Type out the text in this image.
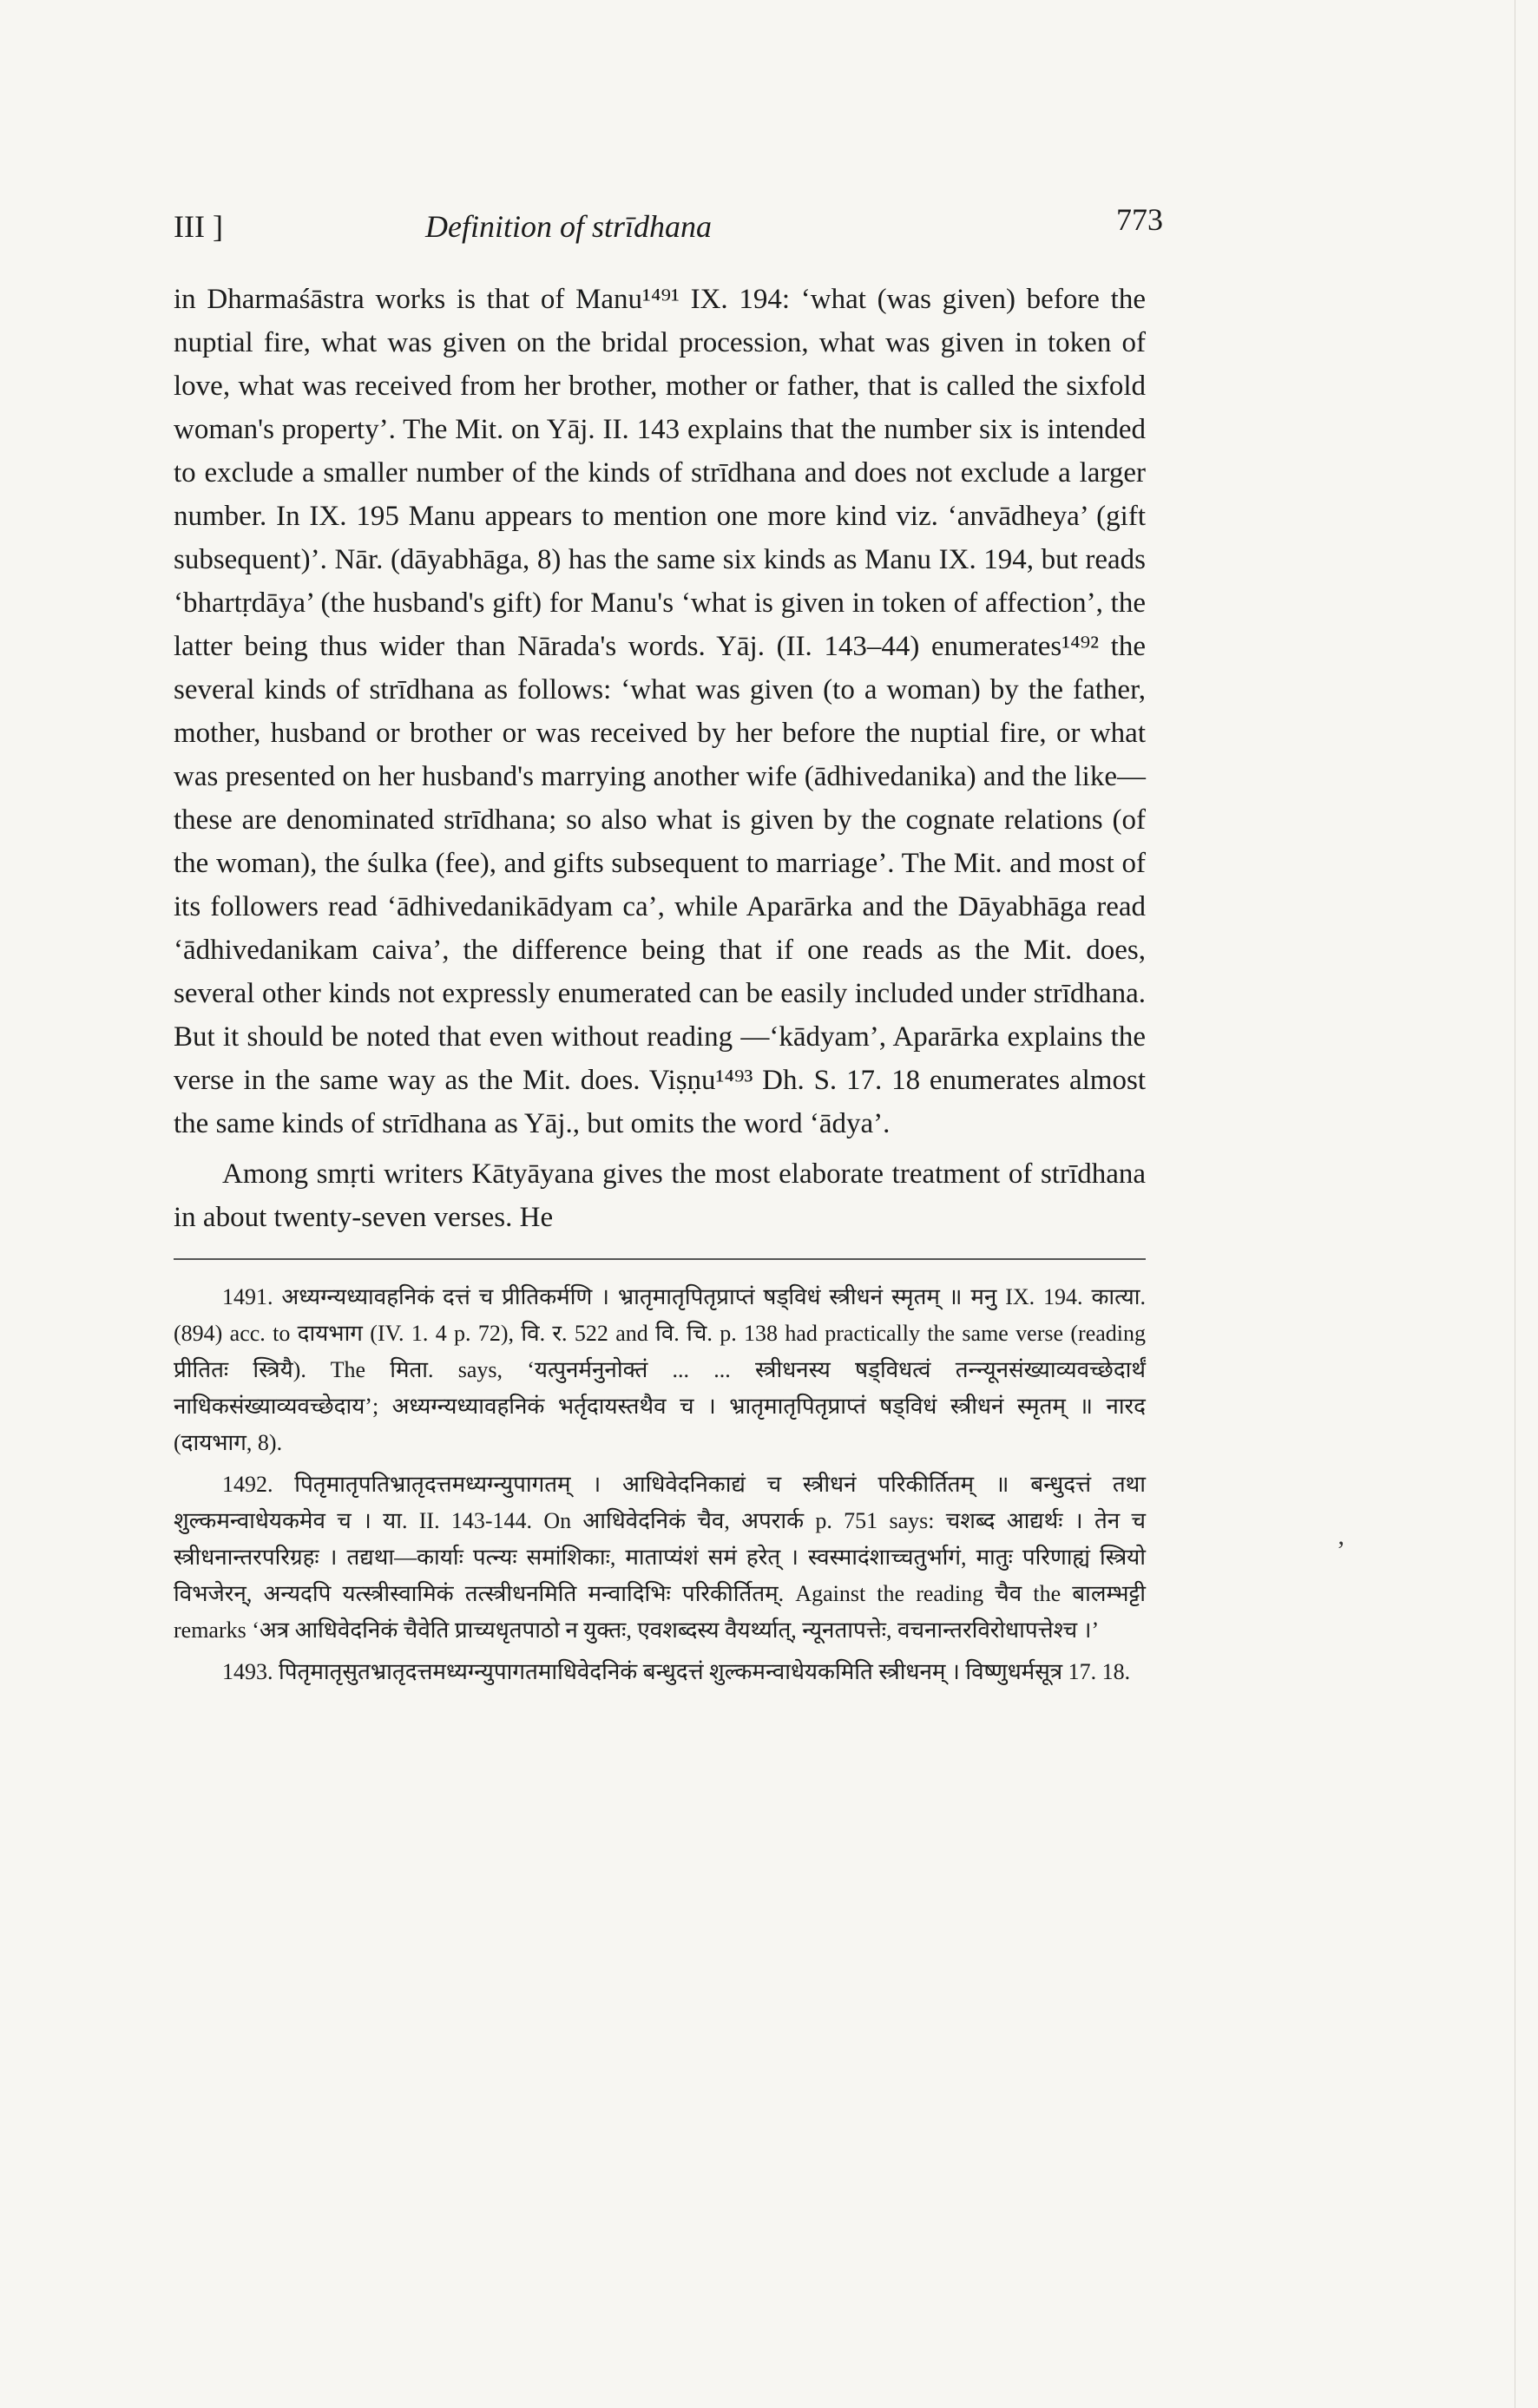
III ]	Definition of strīdhana	773

in Dharmaśāstra works is that of Manu¹⁴⁹¹ IX. 194: ‘what (was given) before the nuptial fire, what was given on the bridal procession, what was given in token of love, what was received from her brother, mother or father, that is called the sixfold woman's property’. The Mit. on Yāj. II. 143 explains that the number six is intended to exclude a smaller number of the kinds of strīdhana and does not exclude a larger number. In IX. 195 Manu appears to mention one more kind viz. ‘anvādheya’ (gift subsequent)’. Nār. (dāyabhāga, 8) has the same six kinds as Manu IX. 194, but reads ‘bhartṛdāya’ (the husband's gift) for Manu's ‘what is given in token of affection’, the latter being thus wider than Nārada's words. Yāj. (II. 143–44) enumerates¹⁴⁹² the several kinds of strīdhana as follows: ‘what was given (to a woman) by the father, mother, husband or brother or was received by her before the nuptial fire, or what was presented on her husband's marrying another wife (ādhivedanika) and the like—these are denominated strīdhana; so also what is given by the cognate relations (of the woman), the śulka (fee), and gifts subsequent to marriage’. The Mit. and most of its followers read ‘ādhivedanikādyam ca’, while Aparārka and the Dāyabhāga read ‘ādhivedanikam caiva’, the difference being that if one reads as the Mit. does, several other kinds not expressly enumerated can be easily included under strīdhana. But it should be noted that even without reading —‘kādyam’, Aparārka explains the verse in the same way as the Mit. does. Viṣṇu¹⁴⁹³ Dh. S. 17. 18 enumerates almost the same kinds of strīdhana as Yāj., but omits the word ‘ādya’.

Among smṛti writers Kātyāyana gives the most elaborate treatment of strīdhana in about twenty-seven verses. He

1491. अध्यग्न्यध्यावहनिकं दत्तं च प्रीतिकर्मणि । भ्रातृमातृपितृप्राप्तं षड्विधं स्त्रीधनं स्मृतम् ॥ मनु IX. 194. कात्या. (894) acc. to दायभाग (IV. 1. 4 p. 72), वि. र. 522 and वि. चि. p. 138 had practically the same verse (reading प्रीतितः स्त्रियै). The मिता. says, ‘यत्पुनर्मनुनोक्तं ... ... स्त्रीधनस्य षड्विधत्वं तन्न्यूनसंख्याव्यवच्छेदार्थं नाधिकसंख्याव्यवच्छेदाय’; अध्यग्न्यध्यावहनिकं भर्तृदायस्तथैव च । भ्रातृमातृपितृप्राप्तं षड्विधं स्त्रीधनं स्मृतम् ॥ नारद (दायभाग, 8).

1492. पितृमातृपतिभ्रातृदत्तमध्यग्न्युपागतम् । आधिवेदनिकाद्यं च स्त्रीधनं परिकीर्तितम् ॥ बन्धुदत्तं तथा शुल्कमन्वाधेयकमेव च । या. II. 143-144. On आधिवेदनिकं चैव, अपरार्क p. 751 says: चशब्द आद्यर्थः । तेन च स्त्रीधनान्तरपरिग्रहः । तद्यथा—कार्याः पत्न्यः समांशिकाः, माताप्यंशं समं हरेत् । स्वस्मादंशाच्चतुर्भागं, मातुः परिणाह्यं स्त्रियो विभजेरन्, अन्यदपि यत्स्त्रीस्वामिकं तत्स्त्रीधनमिति मन्वादिभिः परिकीर्तितम्. Against the reading चैव the बालम्भट्टी remarks ‘अत्र आधिवेदनिकं चैवेति प्राच्यधृतपाठो न युक्तः, एवशब्दस्य वैयर्थ्यात्, न्यूनतापत्तेः, वचनान्तरविरोधापत्तेश्च ।’

1493. पितृमातृसुतभ्रातृदत्तमध्यग्न्युपागतमाधिवेदनिकं बन्धुदत्तं शुल्कमन्वाधेयकमिति स्त्रीधनम् । विष्णुधर्मसूत्र 17. 18.

’
